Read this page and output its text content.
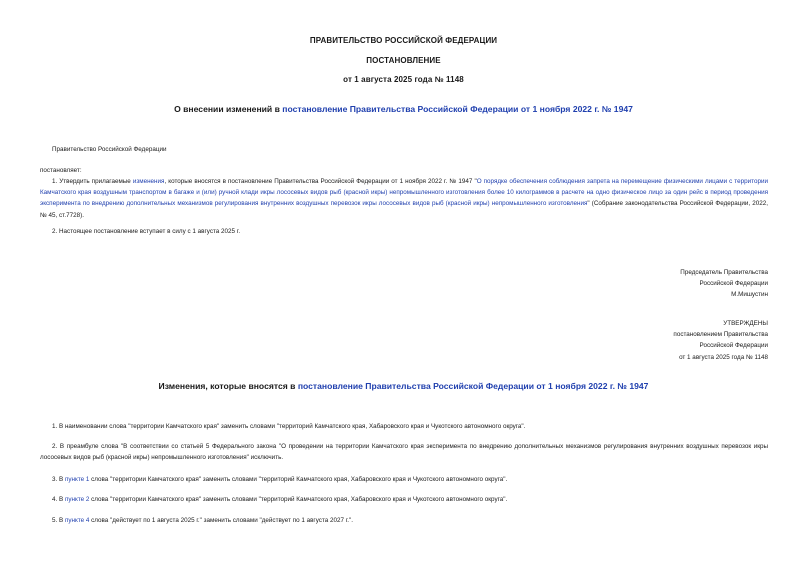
ПРАВИТЕЛЬСТВО РОССИЙСКОЙ ФЕДЕРАЦИИ
ПОСТАНОВЛЕНИЕ
от 1 августа 2025 года № 1148
О внесении изменений в постановление Правительства Российской Федерации от 1 ноября 2022 г. № 1947
Правительство Российской Федерации
постановляет:
1. Утвердить прилагаемые изменения, которые вносятся в постановление Правительства Российской Федерации от 1 ноября 2022 г. № 1947 "О порядке обеспечения соблюдения запрета на перемещение физическими лицами с территории Камчатского края воздушным транспортом в багаже и (или) ручной клади икры лососевых видов рыб (красной икры) непромышленного изготовления более 10 килограммов в расчете на одно физическое лицо за один рейс в период проведения эксперимента по внедрению дополнительных механизмов регулирования внутренних воздушных перевозок икры лососевых видов рыб (красной икры) непромышленного изготовления" (Собрание законодательства Российской Федерации, 2022, № 45, ст.7728).
2. Настоящее постановление вступает в силу с 1 августа 2025 г.
Председатель Правительства
Российской Федерации
М.Мишустин
УТВЕРЖДЕНЫ
постановлением Правительства
Российской Федерации
от 1 августа 2025 года № 1148
Изменения, которые вносятся в постановление Правительства Российской Федерации от 1 ноября 2022 г. № 1947
1. В наименовании слова "территории Камчатского края" заменить словами "территорий Камчатского края, Хабаровского края и Чукотского автономного округа".
2. В преамбуле слова "В соответствии со статьей 5 Федерального закона "О проведении на территории Камчатского края эксперимента по внедрению дополнительных механизмов регулирования внутренних воздушных перевозок икры лососевых видов рыб (красной икры) непромышленного изготовления" исключить.
3. В пункте 1 слова "территории Камчатского края" заменить словами "территорий Камчатского края, Хабаровского края и Чукотского автономного округа".
4. В пункте 2 слова "территории Камчатского края" заменить словами "территорий Камчатского края, Хабаровского края и Чукотского автономного округа".
5. В пункте 4 слова "действует по 1 августа 2025 г." заменить словами "действует по 1 августа 2027 г.".
